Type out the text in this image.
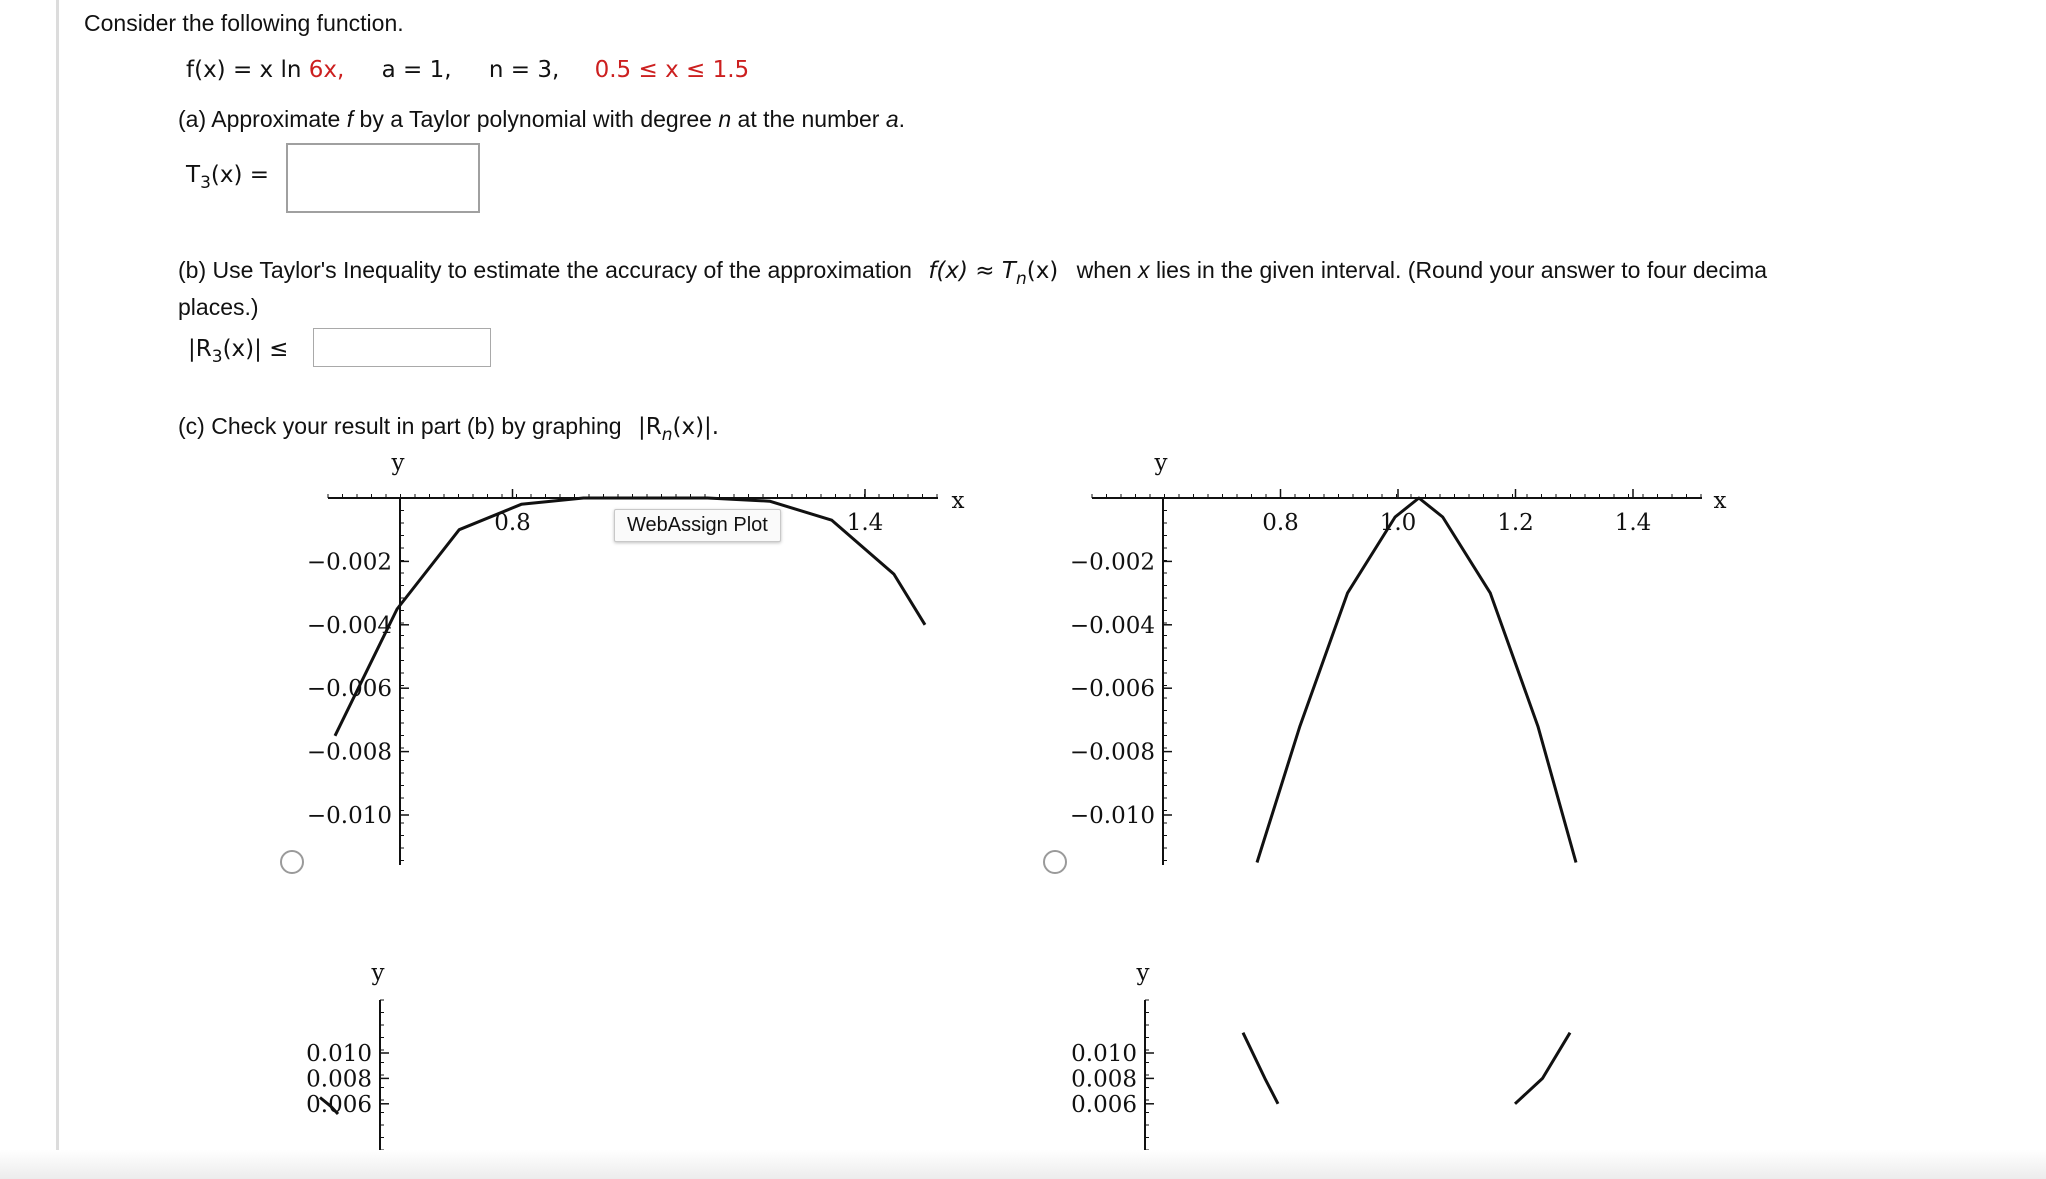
Consider the following function.
f(x) = x ln 6x, a = 1, n = 3, 0.5 ≤ x ≤ 1.5
(a) Approximate f by a Taylor polynomial with degree n at the number a.
$T_3(x)$ =
(b) Use Taylor's Inequality to estimate the accuracy of the approximation $f(x) \approx T_n(x)$ when x lies in the given interval. (Round your answer to four decima
places.)
$|R_3(x)|$ ≤
(c) Check your result in part (b) by graphing $|R_n(x)|$.
y
−0.002
−0.004
−0.006
−0.008
−0.010
x
0.8	1.4
y
−0.002
−0.004
−0.006
−0.008
−0.010
x
0.8	1.0	1.2	1.4
y
0.010
0.008
0.006
y
0.010
0.008
0.006
WebAssign Plot
